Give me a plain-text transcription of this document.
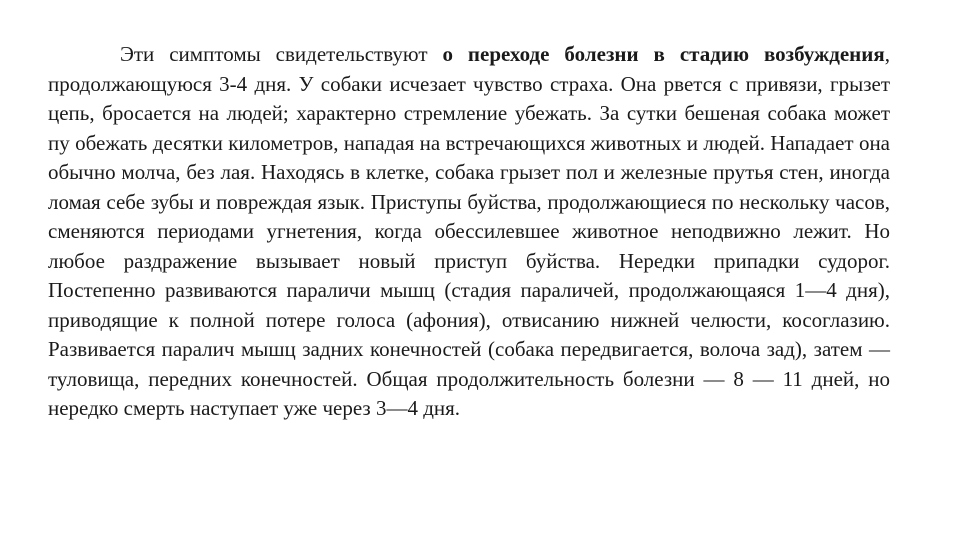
Эти симптомы свидетельствуют о переходе болезни в стадию возбуждения, продолжающуюся 3-4 дня. У собаки исчезает чувство страха. Она рвется с привязи, грызет цепь, бросается на людей; характерно стремление убежать. За сутки бешеная собака может пу обежать десятки километров, нападая на встречающихся животных и людей. Нападает она обычно молча, без лая. Находясь в клетке, собака грызет пол и железные прутья стен, иногда ломая себе зубы и повреждая язык. Приступы буйства, продолжающиеся по нескольку часов, сменяются периодами угнетения, когда обессилевшее животное неподвижно лежит. Но любое раздражение вызывает новый приступ буйства. Нередки припадки судорог. Постепенно развиваются параличи мышц (стадия параличей, продолжающаяся 1—4 дня), приводящие к полной потере голоса (афония), отвисанию нижней челюсти, косоглазию. Развивается паралич мышц задних конечностей (собака передвигается, волоча зад), затем — туловища, передних конечностей. Общая продолжительность болезни — 8 — 11 дней, но нередко смерть наступает уже через 3—4 дня.
